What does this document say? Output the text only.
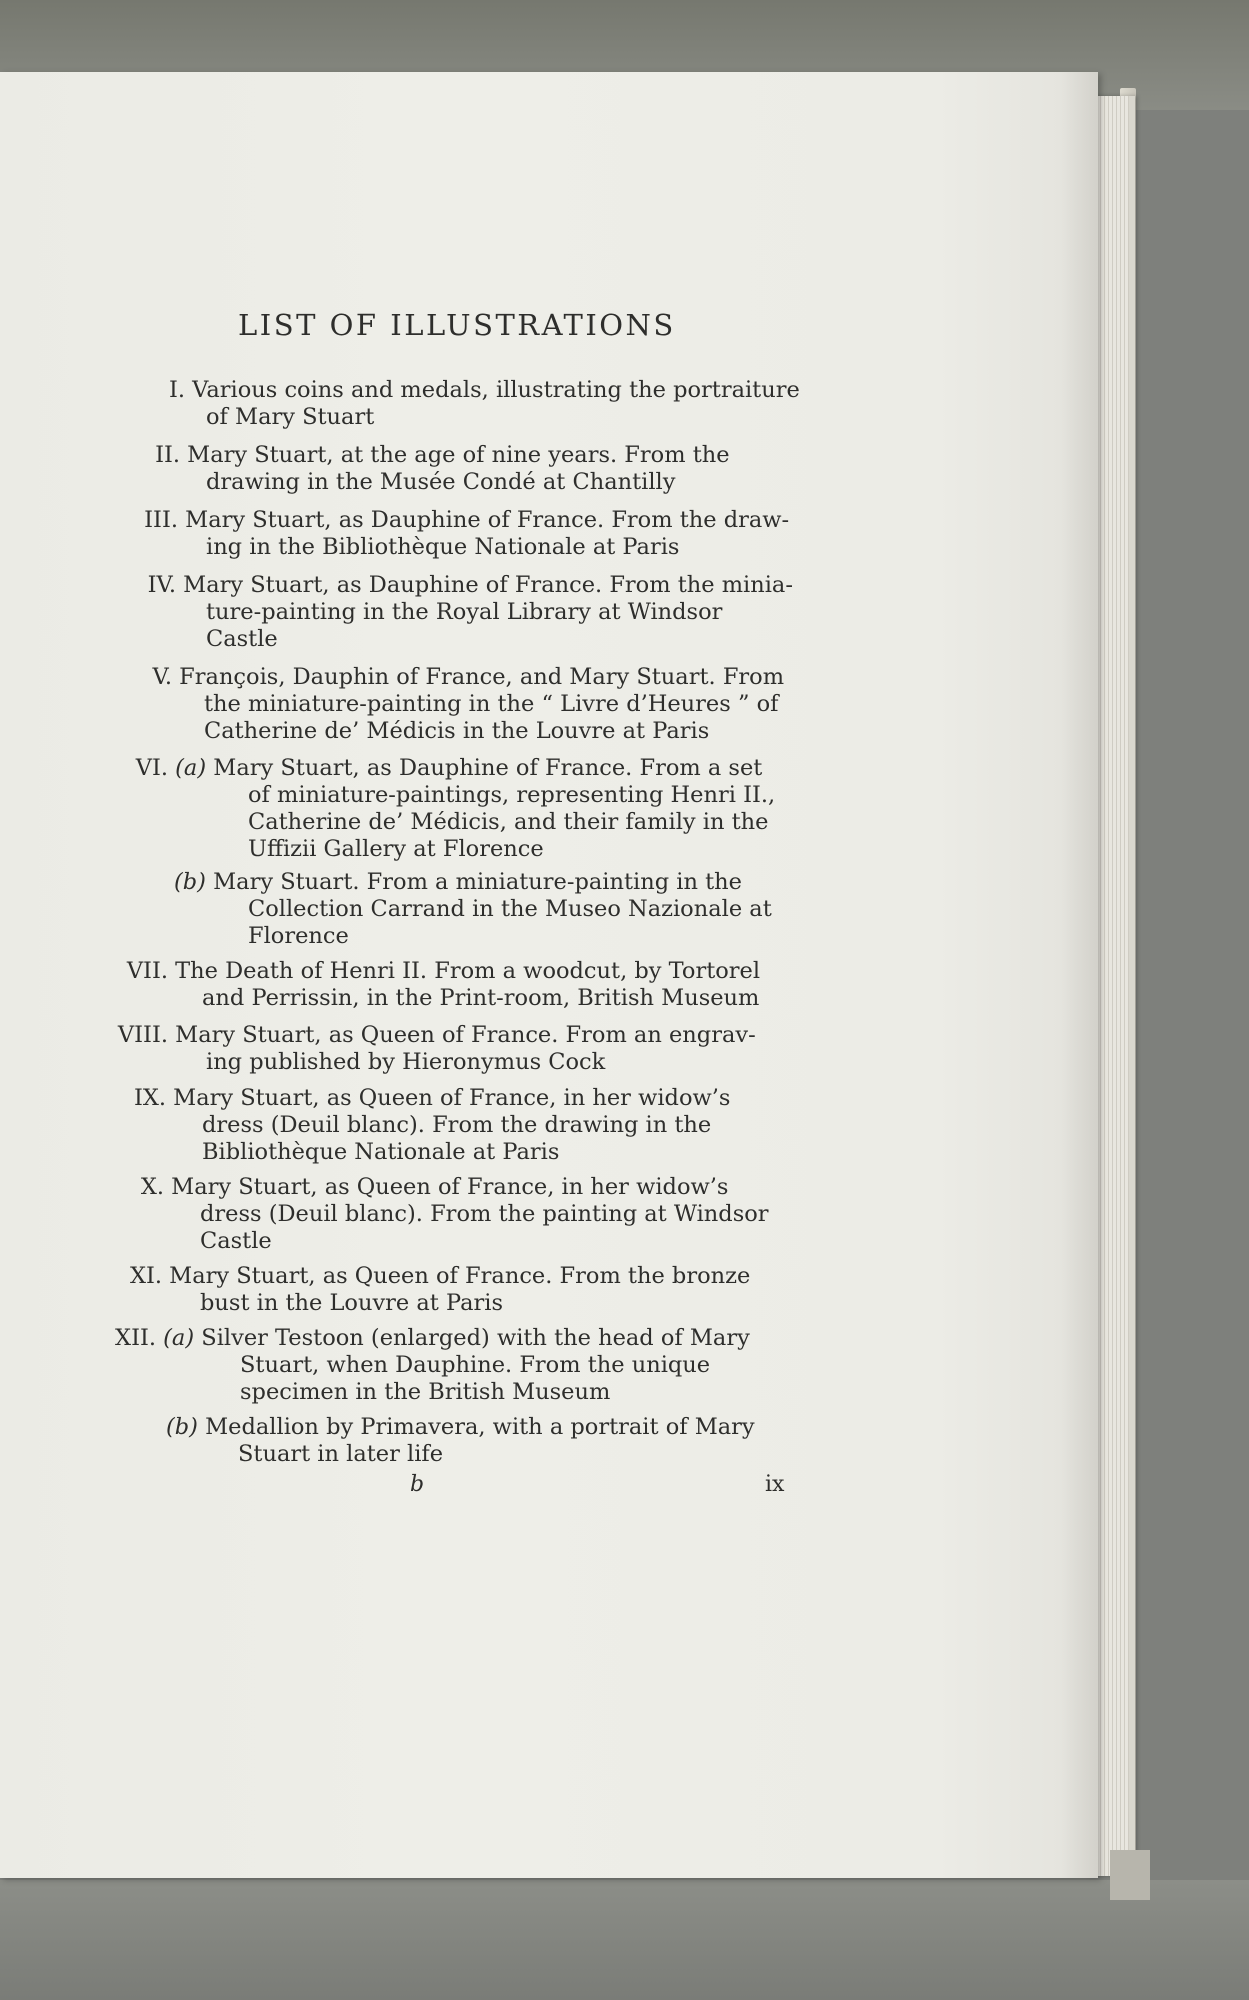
LIST OF ILLUSTRATIONS
I. Various coins and medals, illustrating the portraiture
of Mary Stuart
II. Mary Stuart, at the age of nine years. From the
drawing in the Musée Condé at Chantilly
III. Mary Stuart, as Dauphine of France. From the draw-
ing in the Bibliothèque Nationale at Paris
IV. Mary Stuart, as Dauphine of France. From the minia-
ture-painting in the Royal Library at Windsor
Castle
V. François, Dauphin of France, and Mary Stuart. From
the miniature-painting in the “ Livre d’Heures ” of
Catherine de’ Médicis in the Louvre at Paris
VI. (a) Mary Stuart, as Dauphine of France. From a set
of miniature-paintings, representing Henri II.,
Catherine de’ Médicis, and their family in the
Uffizii Gallery at Florence
(b) Mary Stuart. From a miniature-painting in the
Collection Carrand in the Museo Nazionale at
Florence
VII. The Death of Henri II. From a woodcut, by Tortorel
and Perrissin, in the Print-room, British Museum
VIII. Mary Stuart, as Queen of France. From an engrav-
ing published by Hieronymus Cock
IX. Mary Stuart, as Queen of France, in her widow’s
dress (Deuil blanc). From the drawing in the
Bibliothèque Nationale at Paris
X. Mary Stuart, as Queen of France, in her widow’s
dress (Deuil blanc). From the painting at Windsor
Castle
XI. Mary Stuart, as Queen of France. From the bronze
bust in the Louvre at Paris
XII. (a) Silver Testoon (enlarged) with the head of Mary
Stuart, when Dauphine. From the unique
specimen in the British Museum
(b) Medallion by Primavera, with a portrait of Mary
Stuart in later life
b	ix
